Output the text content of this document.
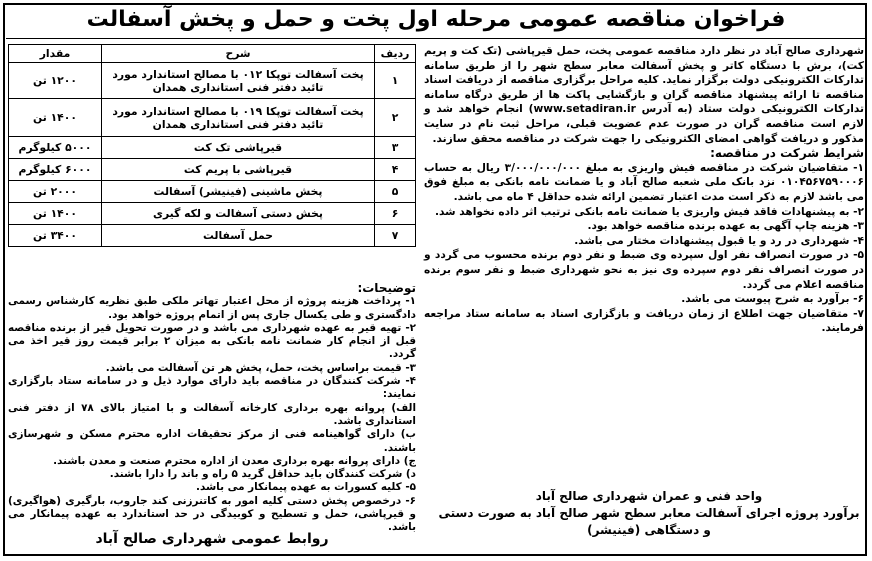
فراخوان مناقصه عمومی مرحله اول پخت و حمل و پخش آسفالت

شهرداری صالح آباد در نظر دارد مناقصه عمومی پخت، حمل قیرپاشی (تک کت و پریم کت)، برش با دستگاه کاتر و پخش آسفالت معابر سطح شهر را از طریق سامانه تدارکات الکترونیکی دولت برگزار نماید. کلیه مراحل برگزاری مناقصه از دریافت اسناد مناقصه تا ارائه پیشنهاد مناقصه گران و بازگشایی پاکت ها از طریق درگاه سامانه تدارکات الکترونیکی دولت ستاد (به آدرس www.setadiran.ir) انجام خواهد شد و لازم است مناقصه گران در صورت عدم عضویت قبلی، مراحل ثبت نام در سایت مذکور و دریافت گواهی امضای الکترونیکی را جهت شرکت در مناقصه محقق سازند.

شرایط شرکت در مناقصه:

۱- متقاضیان شرکت در مناقصه فیش واریزی به مبلغ ۳/۰۰۰/۰۰۰/۰۰۰ ریال به حساب ۰۱۰۴۵۶۷۵۹۰۰۰۶ نزد بانک ملی شعبه صالح آباد و یا ضمانت نامه بانکی به مبلغ فوق می باشد لازم به ذکر است مدت اعتبار تضمین ارائه شده حداقل ۴ ماه می باشد.

۲- به پیشنهادات فاقد فیش واریزی یا ضمانت نامه بانکی ترتیب اثر داده نخواهد شد.

۳- هزینه چاپ آگهی به عهده برنده مناقصه خواهد بود.

۴- شهرداری در رد و یا قبول پیشنهادات مختار می باشد.

۵- در صورت انصراف نفر اول سپرده وی ضبط و نفر دوم برنده محسوب می گردد و در صورت انصراف نفر دوم سپرده وی نیز به نحو شهرداری ضبط و نفر سوم برنده مناقصه اعلام می گردد.

۶- برآورد به شرح پیوست می باشد.

۷- متقاضیان جهت اطلاع از زمان دریافت و بازگزاری اسناد به سامانه ستاد مراجعه فرمایند.

واحد فنی و عمران شهرداری صالح آباد
برآورد پروژه اجرای آسفالت معابر سطح شهر صالح آباد به صورت دستی و دستگاهی (فینیشر)
ردیف	شرح	مقدار
۱	پخت آسفالت توپکا ۰۱۲ با مصالح استاندارد مورد تائید دفتر فنی استانداری همدان	۱۲۰۰ تن
۲	پخت آسفالت توپکا ۰۱۹ با مصالح استاندارد مورد تائید دفتر فنی استانداری همدان	۱۴۰۰ تن
۳	قیرپاشی تک کت	۵۰۰۰ کیلوگرم
۴	قیرپاشی با پریم کت	۶۰۰۰ کیلوگرم
۵	پخش ماشینی (فینیشر) آسفالت	۲۰۰۰ تن
۶	پخش دستی آسفالت و لکه گیری	۱۴۰۰ تن
۷	حمل آسفالت	۳۴۰۰ تن

توضیحات:

۱- پرداخت هزینه پروژه از محل اعتبار تهاتر ملکی طبق نظریه کارشناس رسمی دادگستری و طی یکسال جاری پس از اتمام پروژه خواهد بود.

۲- تهیه قیر به عهده شهرداری می باشد و در صورت تحویل قیر از برنده مناقصه قبل از انجام کار ضمانت نامه بانکی به میزان ۲ برابر قیمت روز قیر اخذ می گردد.

۳- قیمت براساس پخت، حمل، پخش هر تن آسفالت می باشد.

۴- شرکت کنندگان در مناقصه باید دارای موارد ذیل و در سامانه ستاد بارگزاری نمایند:

الف) پروانه بهره برداری کارخانه آسفالت و با امتیاز بالای ۷۸ از دفتر فنی استانداری باشد.

ب) دارای گواهینامه فنی از مرکز تحقیقات اداره محترم مسکن و شهرسازی باشند.

ج) دارای پروانه بهره برداری معدن از اداره محترم صنعت و معدن باشند.

د) شرکت کنندگان باید حداقل گرید ۵ راه و باند را دارا باشند.

۵- کلیه کسورات به عهده پیمانکار می باشد.

۶- درخصوص پخش دستی کلیه امور به کاتنرزنی کند جاروب، بارگیری (هواگیری) و قیرپاشی، حمل و تسطیح و کوبیدگی در حد استاندارد به عهده پیمانکار می باشد.

روابط عمومی شهرداری صالح آباد
